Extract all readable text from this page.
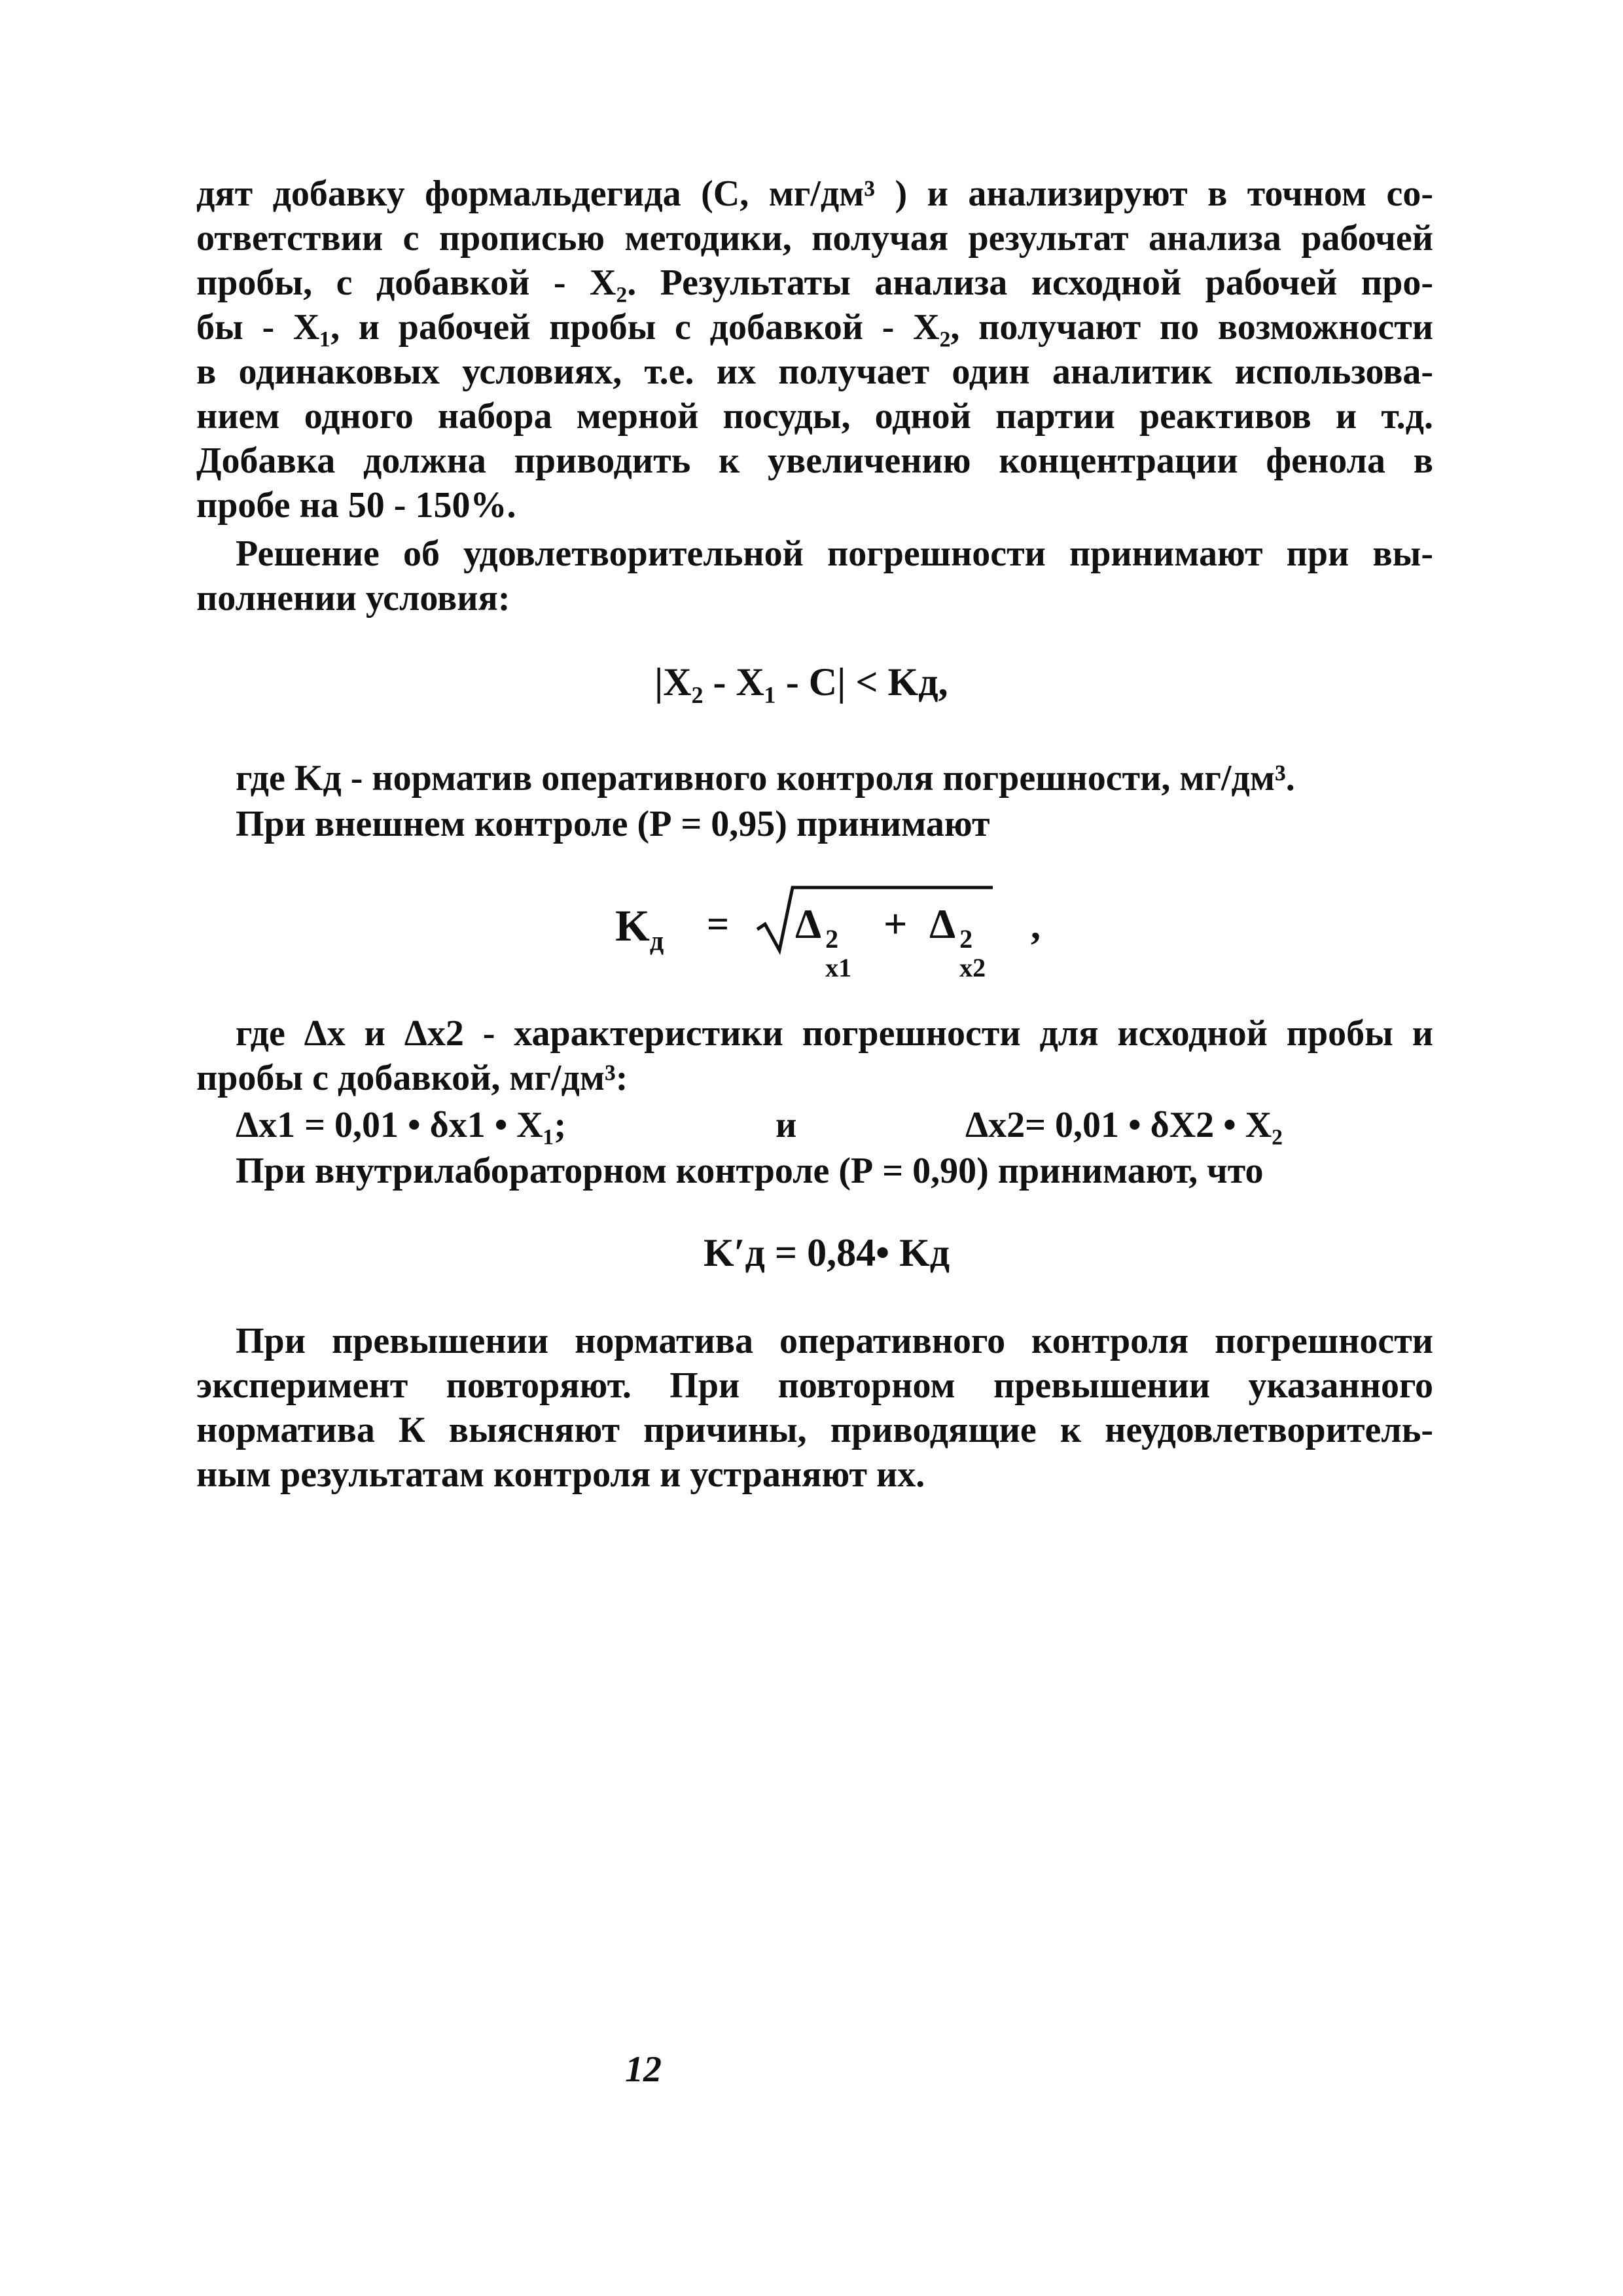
дят добавку формальдегида (С, мг/дм³ ) и анализируют в точном со-
ответствии с прописью методики, получая результат анализа рабочей
пробы, с добавкой - X₂. Результаты анализа исходной рабочей про-
бы - X₁, и рабочей пробы с добавкой - X₂, получают по возможности
в одинаковых условиях, т.е. их получает один аналитик использова-
нием одного набора мерной посуды, одной партии реактивов и т.д.
Добавка должна приводить к увеличению концентрации фенола в
пробе на 50 - 150%.
Решение об удовлетворительной погрешности принимают при вы-
полнении условия:
|X₂ - X₁ - C| < Kд,
где Kд - норматив оперативного контроля погрешности, мг/дм³.
При внешнем контроле (Р = 0,95) принимают
$K_д = \Delta$ 2
x1
+ Δ 2
x2
,
где Δx и Δx2 - характеристики погрешности для исходной пробы и
пробы с добавкой, мг/дм³:
Δx1 = 0,01 • δx1 • X₁;	и	Δx2= 0,01 • δX2 • X₂
При внутрилабораторном контроле (Р = 0,90) принимают, что
K′д = 0,84• Kд
При превышении норматива оперативного контроля погрешности
эксперимент повторяют. При повторном превышении указанного
норматива К выясняют причины, приводящие к неудовлетворитель-
ным результатам контроля и устраняют их.
12
